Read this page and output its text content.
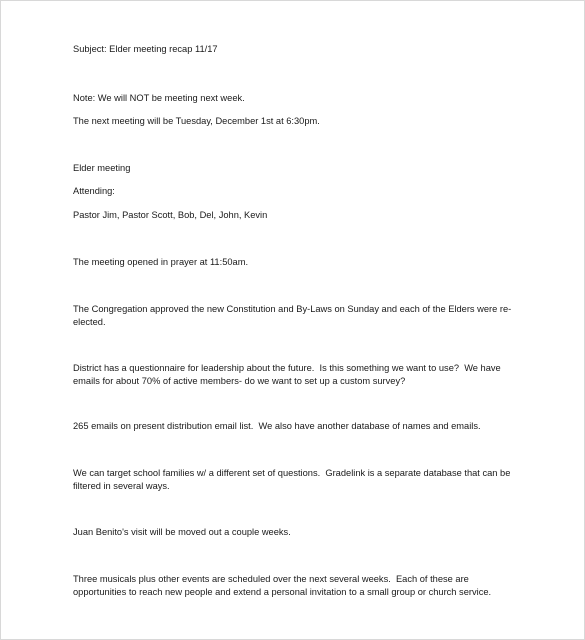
Subject: Elder meeting recap 11/17

Note: We will NOT be meeting next week.

The next meeting will be Tuesday, December 1st at 6:30pm.

Elder meeting

Attending:

Pastor Jim, Pastor Scott, Bob, Del, John, Kevin

The meeting opened in prayer at 11:50am.

The Congregation approved the new Constitution and By-Laws on Sunday and each of the Elders were re-elected.

District has a questionnaire for leadership about the future.  Is this something we want to use?  We have emails for about 70% of active members- do we want to set up a custom survey?

265 emails on present distribution email list.  We also have another database of names and emails.

We can target school families w/ a different set of questions.  Gradelink is a separate database that can be filtered in several ways.

Juan Benito's visit will be moved out a couple weeks.

Three musicals plus other events are scheduled over the next several weeks.  Each of these are opportunities to reach new people and extend a personal invitation to a small group or church service.
